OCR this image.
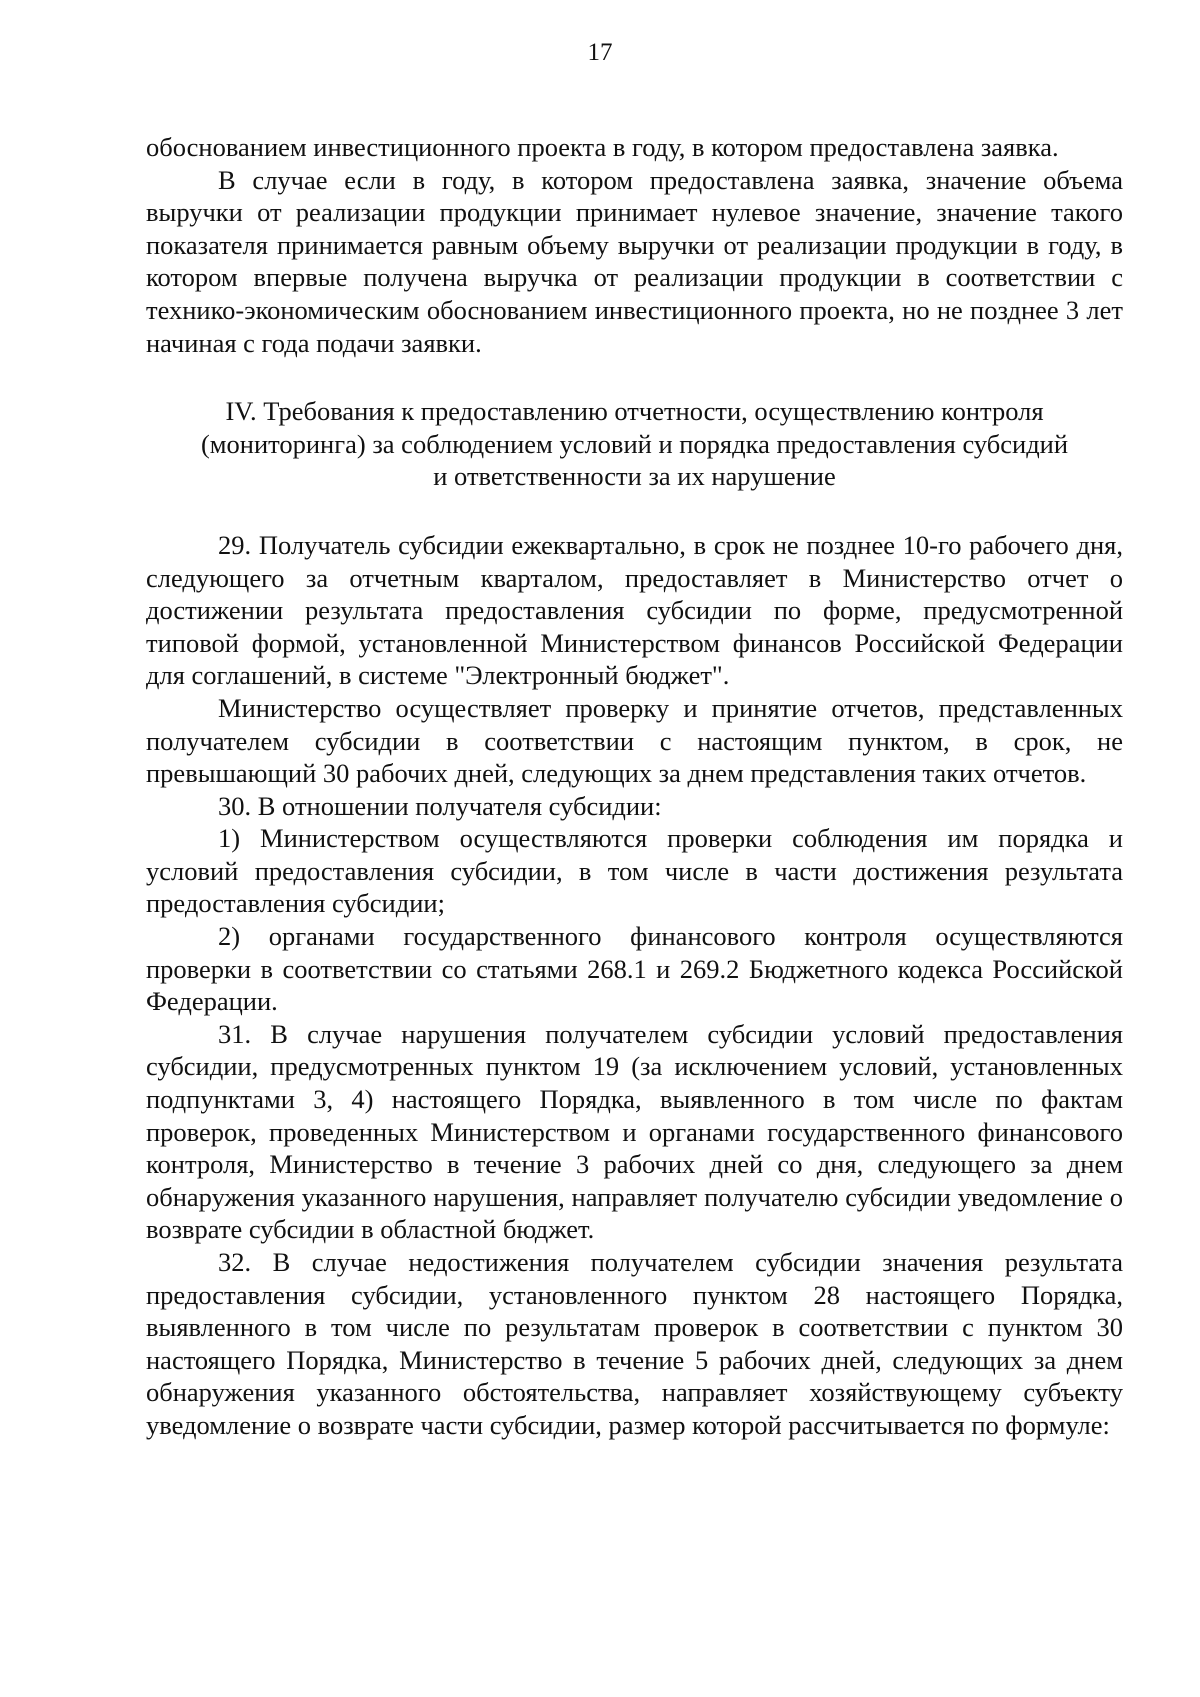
17

обоснованием инвестиционного проекта в году, в котором предоставлена заявка.

В случае если в году, в котором предоставлена заявка, значение объема выручки от реализации продукции принимает нулевое значение, значение такого показателя принимается равным объему выручки от реализации продукции в году, в котором впервые получена выручка от реализации продукции в соответствии с технико-экономическим обоснованием инвестиционного проекта, но не позднее 3 лет начиная с года подачи заявки.

IV. Требования к предоставлению отчетности, осуществлению контроля
(мониторинга) за соблюдением условий и порядка предоставления субсидий
и ответственности за их нарушение

29. Получатель субсидии ежеквартально, в срок не позднее 10-го рабочего дня, следующего за отчетным кварталом, предоставляет в Министерство отчет о достижении результата предоставления субсидии по форме, предусмотренной типовой формой, установленной Министерством финансов Российской Федерации для соглашений, в системе "Электронный бюджет".

Министерство осуществляет проверку и принятие отчетов, представленных получателем субсидии в соответствии с настоящим пунктом, в срок, не превышающий 30 рабочих дней, следующих за днем представления таких отчетов.

30. В отношении получателя субсидии:

1) Министерством осуществляются проверки соблюдения им порядка и условий предоставления субсидии, в том числе в части достижения результата предоставления субсидии;

2) органами государственного финансового контроля осуществляются проверки в соответствии со статьями 268.1 и 269.2 Бюджетного кодекса Российской Федерации.

31. В случае нарушения получателем субсидии условий предоставления субсидии, предусмотренных пунктом 19 (за исключением условий, установленных подпунктами 3, 4) настоящего Порядка, выявленного в том числе по фактам проверок, проведенных Министерством и органами государственного финансового контроля, Министерство в течение 3 рабочих дней со дня, следующего за днем обнаружения указанного нарушения, направляет получателю субсидии уведомление о возврате субсидии в областной бюджет.

32. В случае недостижения получателем субсидии значения результата предоставления субсидии, установленного пунктом 28 настоящего Порядка, выявленного в том числе по результатам проверок в соответствии с пунктом 30 настоящего Порядка, Министерство в течение 5 рабочих дней, следующих за днем обнаружения указанного обстоятельства, направляет хозяйствующему субъекту уведомление о возврате части субсидии, размер которой рассчитывается по формуле:
